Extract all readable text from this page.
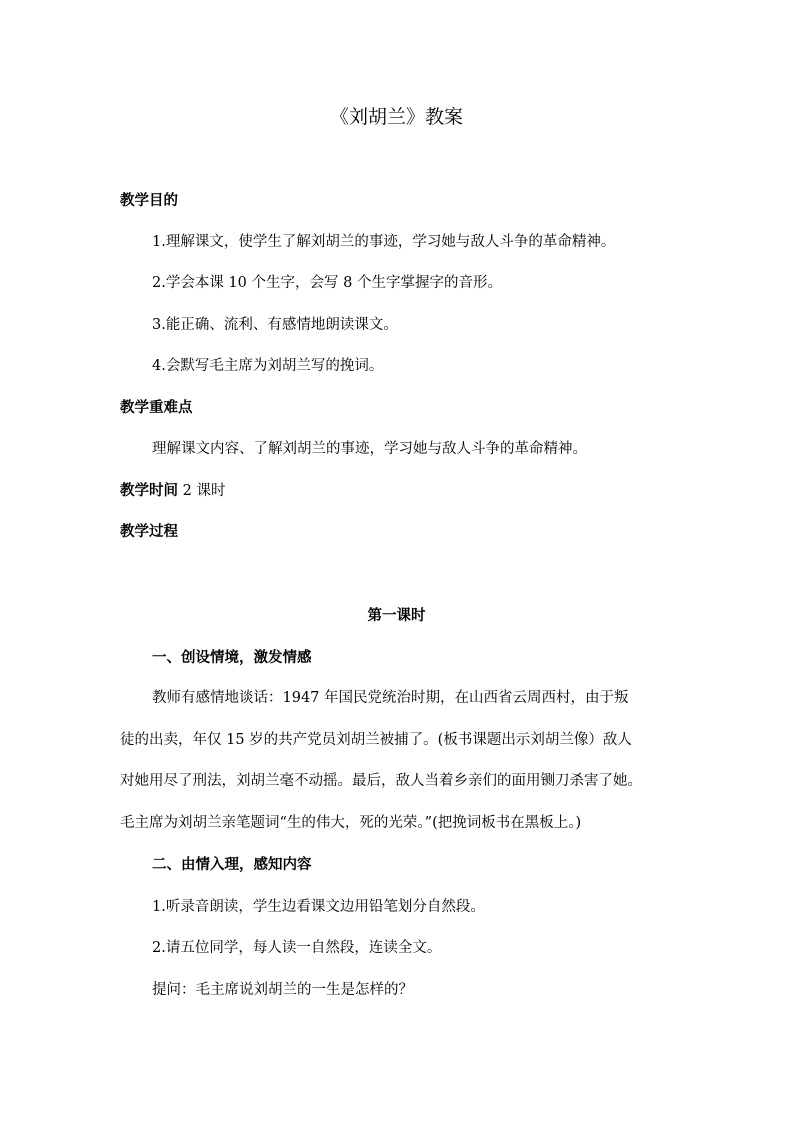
《刘胡兰》教案
教学目的
1.理解课文，使学生了解刘胡兰的事迹，学习她与敌人斗争的革命精神。
2.学会本课 10 个生字，会写 8 个生字掌握字的音形。
3.能正确、流利、有感情地朗读课文。
4.会默写毛主席为刘胡兰写的挽词。
教学重难点
理解课文内容、了解刘胡兰的事迹，学习她与敌人斗争的革命精神。
教学时间 2 课时
教学过程
第一课时
一、创设情境，激发情感
教师有感情地谈话：1947 年国民党统治时期，在山西省云周西村，由于叛
徒的出卖，年仅 15 岁的共产党员刘胡兰被捕了。(板书课题出示刘胡兰像）敌人
对她用尽了刑法，刘胡兰毫不动摇。最后，敌人当着乡亲们的面用铡刀杀害了她。
毛主席为刘胡兰亲笔题词“生的伟大，死的光荣。”(把挽词板书在黑板上。)
二、由情入理，感知内容
1.听录音朗读，学生边看课文边用铅笔划分自然段。
2.请五位同学，每人读一自然段，连读全文。
提问：毛主席说刘胡兰的一生是怎样的？
